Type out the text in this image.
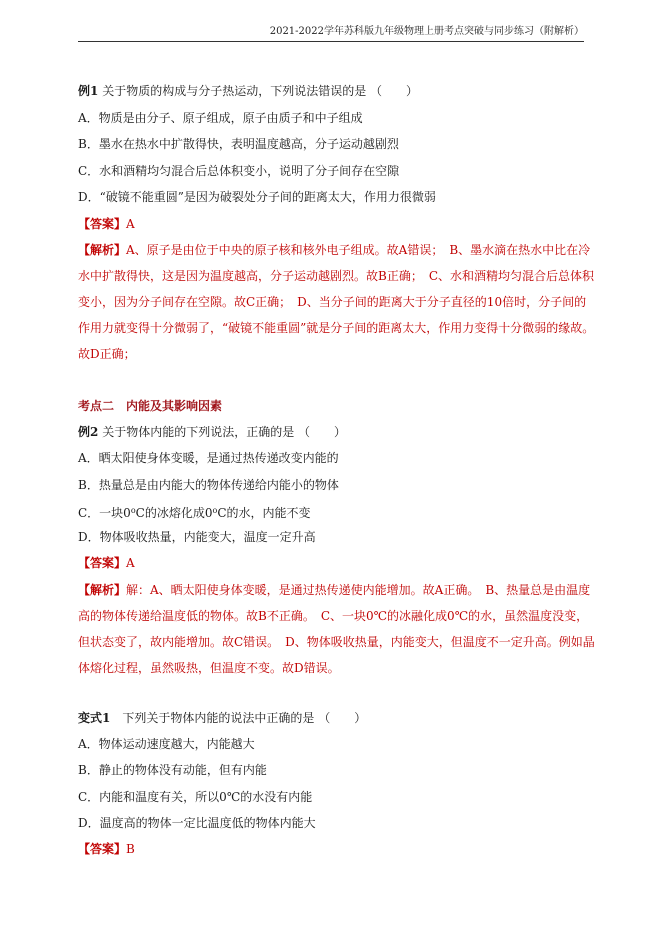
2021-2022学年苏科版九年级物理上册考点突破与同步练习（附解析）
例1 关于物质的构成与分子热运动，下列说法错误的是 （　　）
A．物质是由分子、原子组成，原子由质子和中子组成
B．墨水在热水中扩散得快，表明温度越高，分子运动越剧烈
C．水和酒精均匀混合后总体积变小，说明了分子间存在空隙
D．“破镜不能重圆”是因为破裂处分子间的距离太大，作用力很微弱
【答案】A
【解析】A、原子是由位于中央的原子核和核外电子组成。故A错误；　B、墨水滴在热水中比在冷
水中扩散得快，这是因为温度越高，分子运动越剧烈。故B正确；　C、水和酒精均匀混合后总体积
变小，因为分子间存在空隙。故C正确；　D、当分子间的距离大于分子直径的10倍时，分子间的
作用力就变得十分微弱了，“破镜不能重圆”就是分子间的距离太大，作用力变得十分微弱的缘故。
故D正确；
考点二　内能及其影响因素
例2 关于物体内能的下列说法，正确的是 （　　）
A．晒太阳使身体变暖，是通过热传递改变内能的
B．热量总是由内能大的物体传递给内能小的物体
C．一块0$^o$C的冰熔化成0$^o$C的水，内能不变
D．物体吸收热量，内能变大，温度一定升高
【答案】A
【解析】解：A、晒太阳使身体变暖，是通过热传递使内能增加。故A正确。　B、热量总是由温度
高的物体传递给温度低的物体。故B不正确。　C、一块0℃的冰融化成0℃的水，虽然温度没变，
但状态变了，故内能增加。故C错误。　D、物体吸收热量，内能变大，但温度不一定升高。例如晶
体熔化过程，虽然吸热，但温度不变。故D错误。
变式1　 下列关于物体内能的说法中正确的是 （　　）
A．物体运动速度越大，内能越大
B．静止的物体没有动能，但有内能
C．内能和温度有关，所以0℃的水没有内能
D．温度高的物体一定比温度低的物体内能大
【答案】B
